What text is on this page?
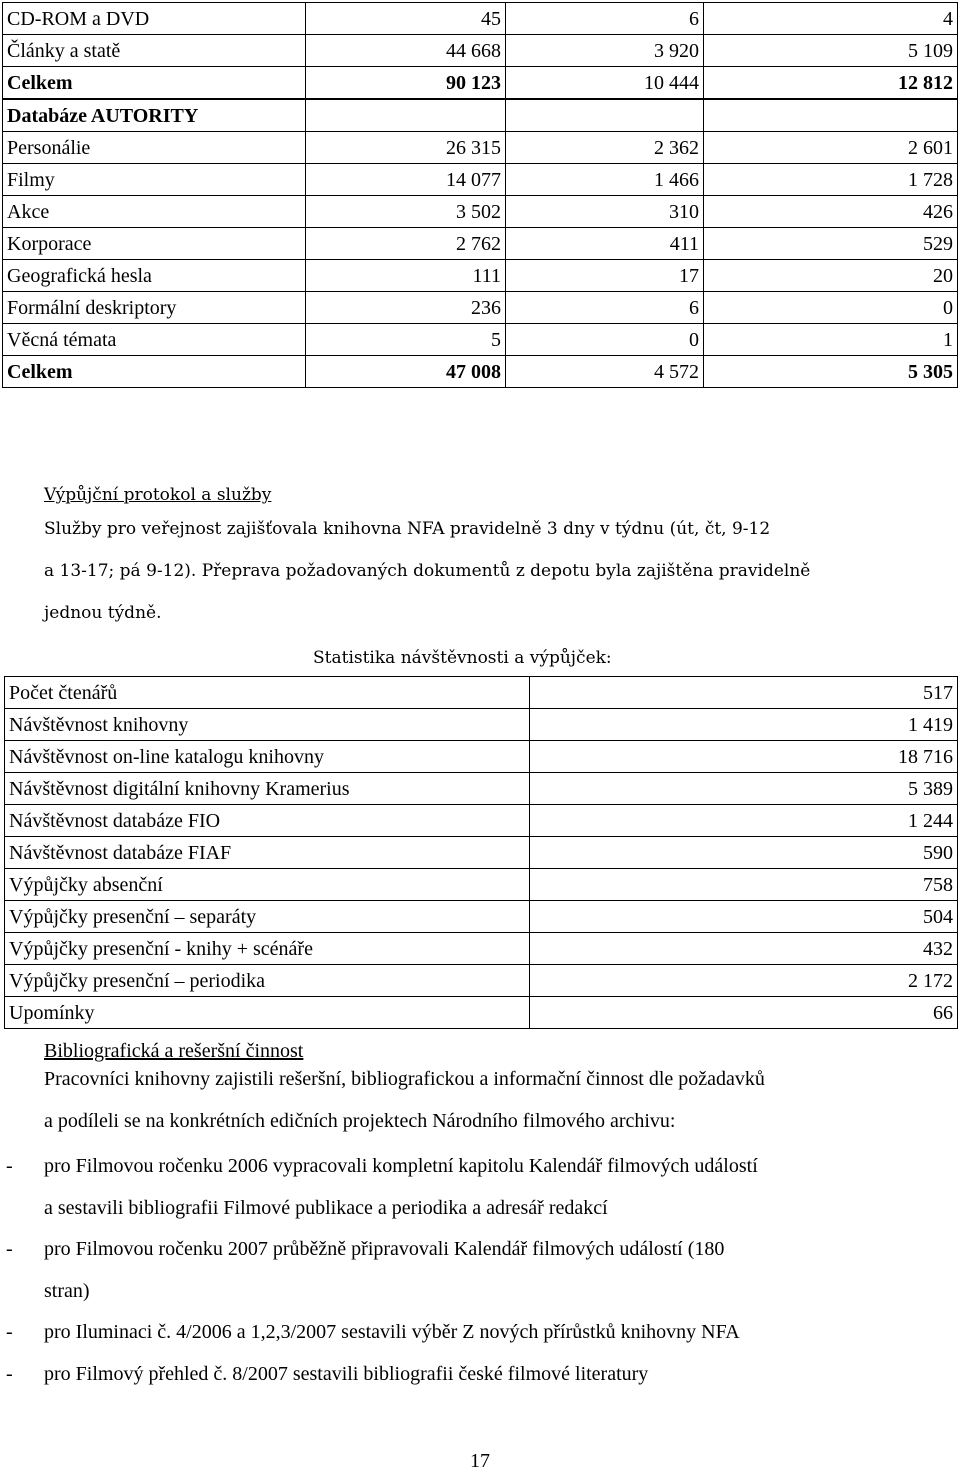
CD-ROM a DVD	45	6	4
Články a statě	44 668	3 920	5 109
Celkem	90 123	10 444	12 812
Databáze AUTORITY

Personálie	26 315	2 362	2 601
Filmy	14 077	1 466	1 728
Akce	3 502	310	426
Korporace	2 762	411	529
Geografická hesla	111	17	20
Formální deskriptory	236	6	0
Věcná témata	5	0	1
Celkem	47 008	4 572	5 305
Výpůjční protokol a služby
Služby pro veřejnost zajišťovala knihovna NFA pravidelně 3 dny v týdnu (út, čt, 9-12
a 13-17; pá 9-12). Přeprava požadovaných dokumentů z depotu byla zajištěna pravidelně
jednou týdně.
Statistika návštěvnosti a výpůjček:
Počet čtenářů	517
Návštěvnost knihovny	1 419
Návštěvnost on-line katalogu knihovny	18 716
Návštěvnost digitální knihovny Kramerius	5 389
Návštěvnost databáze FIO	1 244
Návštěvnost databáze FIAF	590
Výpůjčky absenční	758
Výpůjčky presenční – separáty	504
Výpůjčky presenční - knihy + scénáře	432
Výpůjčky presenční – periodika	2 172
Upomínky	66
Bibliografická a rešeršní činnost
Pracovníci knihovny zajistili rešeršní, bibliografickou a informační činnost dle požadavků
a podíleli se na konkrétních edičních projektech Národního filmového archivu:
- pro Filmovou ročenku 2006 vypracovali kompletní kapitolu Kalendář filmových událostí
a sestavili bibliografii Filmové publikace a periodika a adresář redakcí
- pro Filmovou ročenku 2007 průběžně připravovali Kalendář filmových událostí (180
stran)
- pro Iluminaci č. 4/2006 a 1,2,3/2007 sestavili výběr Z nových přírůstků knihovny NFA
- pro Filmový přehled č. 8/2007 sestavili bibliografii české filmové literatury
17
